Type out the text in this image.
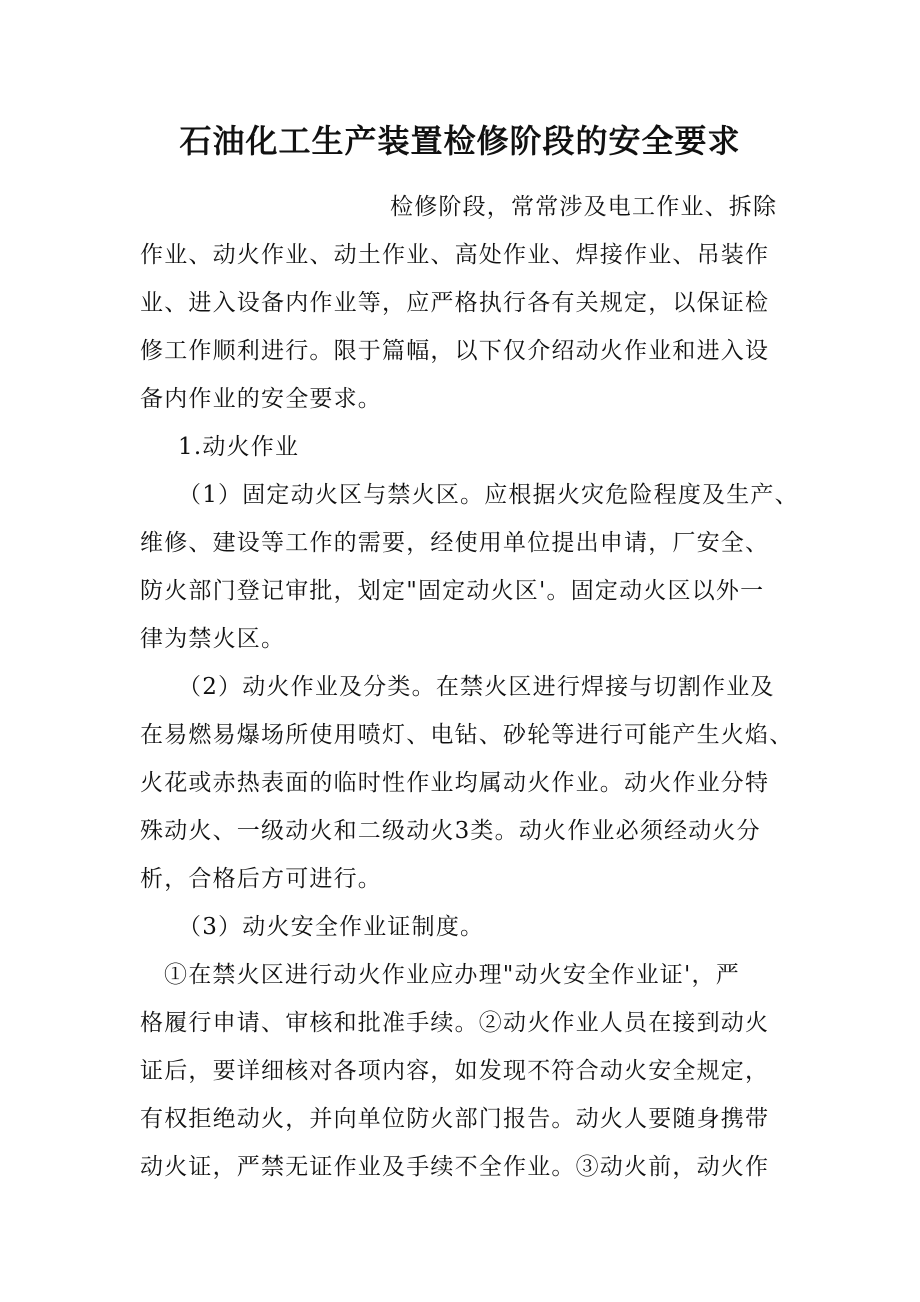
石油化工生产装置检修阶段的安全要求
检修阶段，常常涉及电工作业、拆除
作业、动火作业、动土作业、高处作业、焊接作业、吊装作
业、进入设备内作业等，应严格执行各有关规定，以保证检
修工作顺利进行。限于篇幅，以下仅介绍动火作业和进入设
备内作业的安全要求。
1.动火作业
（1）固定动火区与禁火区。应根据火灾危险程度及生产、
维修、建设等工作的需要，经使用单位提出申请，厂安全、
防火部门登记审批，划定"固定动火区'。固定动火区以外一
律为禁火区。
（2）动火作业及分类。在禁火区进行焊接与切割作业及
在易燃易爆场所使用喷灯、电钻、砂轮等进行可能产生火焰、
火花或赤热表面的临时性作业均属动火作业。动火作业分特
殊动火、一级动火和二级动火3类。动火作业必须经动火分
析，合格后方可进行。
（3）动火安全作业证制度。
①在禁火区进行动火作业应办理"动火安全作业证'，严
格履行申请、审核和批准手续。②动火作业人员在接到动火
证后，要详细核对各项内容，如发现不符合动火安全规定，
有权拒绝动火，并向单位防火部门报告。动火人要随身携带
动火证，严禁无证作业及手续不全作业。③动火前，动火作
